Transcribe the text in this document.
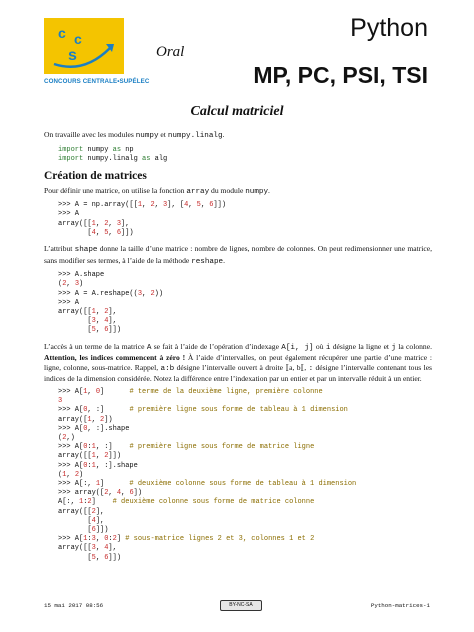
c c
s
CONCOURS CENTRALE•SUPÉLEC
Python
Oral
MP, PC, PSI, TSI
Calcul matriciel

On travaille avec les modules numpy et numpy.linalg.

import numpy as np
import numpy.linalg as alg
Création de matrices

Pour définir une matrice, on utilise la fonction array du module numpy.

>>> A = np.array([[1, 2, 3], [4, 5, 6]])
>>> A
array([[1, 2, 3],
[4, 5, 6]])

L’attribut shape donne la taille d’une matrice : nombre de lignes, nombre de colonnes. On peut redimensionner une matrice, sans modifier ses termes, à l’aide de la méthode reshape.

>>> A.shape
(2, 3)
>>> A = A.reshape((3, 2))
>>> A
array([[1, 2],
[3, 4],
[5, 6]])

L’accès à un terme de la matrice A se fait à l’aide de l’opération d’indexage A[i, j] où i désigne la ligne et j la colonne. Attention, les indices commencent à zéro ! À l’aide d’intervalles, on peut également récupérer une partie d’une matrice : ligne, colonne, sous-matrice. Rappel, a:b désigne l’intervalle ouvert à droite ⟦a, b⟦, : désigne l’intervalle contenant tous les indices de la dimension considérée. Notez la différence entre l’indexation par un entier et par un intervalle réduit à un entier.

>>> A[1, 0]      # terme de la deuxième ligne, première colonne
3
>>> A[0, :]      # première ligne sous forme de tableau à 1 dimension
array([1, 2])
>>> A[0, :].shape
(2,)
>>> A[0:1, :]    # première ligne sous forme de matrice ligne
array([[1, 2]])
>>> A[0:1, :].shape
(1, 2)
>>> A[:, 1]      # deuxième colonne sous forme de tableau à 1 dimension
>>> array([2, 4, 6])
A[:, 1:2]    # deuxième colonne sous forme de matrice colonne
array([[2],
[4],
[6]])
>>> A[1:3, 0:2] # sous-matrice lignes 2 et 3, colonnes 1 et 2
array([[3, 4],
[5, 6]])
15 mai 2017 08:56	BY-NC-SA	Python-matrices-1
